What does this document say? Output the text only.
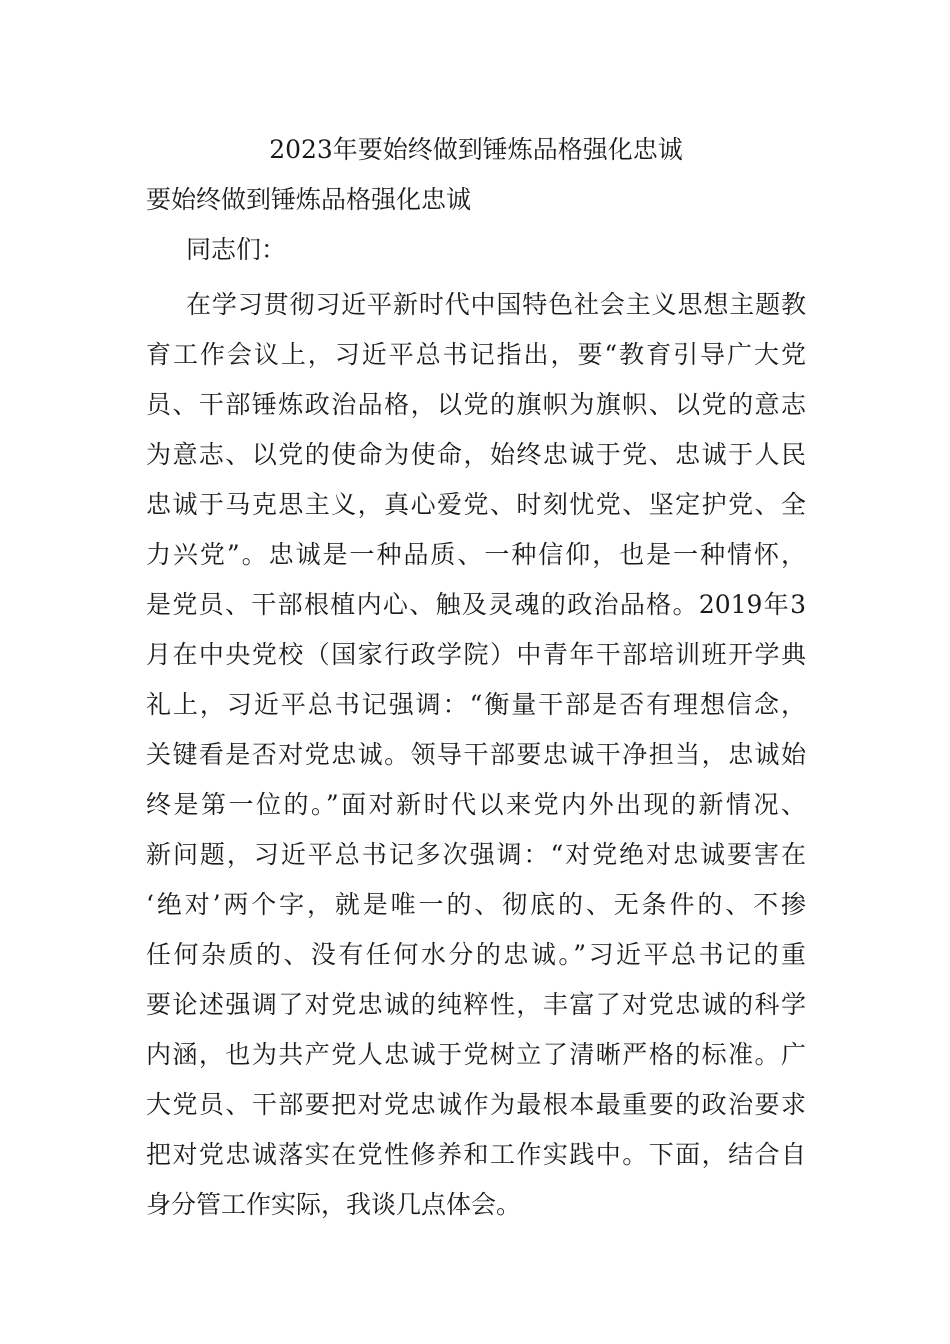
2023年要始终做到锤炼品格强化忠诚
要始终做到锤炼品格强化忠诚
同志们：
在学习贯彻习近平新时代中国特色社会主义思想主题教
育工作会议上，习近平总书记指出，要“教育引导广大党
员、干部锤炼政治品格，以党的旗帜为旗帜、以党的意志
为意志、以党的使命为使命，始终忠诚于党、忠诚于人民
忠诚于马克思主义，真心爱党、时刻忧党、坚定护党、全
力兴党”。忠诚是一种品质、一种信仰，也是一种情怀，
是党员、干部根植内心、触及灵魂的政治品格。2019年3
月在中央党校（国家行政学院）中青年干部培训班开学典
礼上，习近平总书记强调：“衡量干部是否有理想信念，
关键看是否对党忠诚。领导干部要忠诚干净担当，忠诚始
终是第一位的。”面对新时代以来党内外出现的新情况、
新问题，习近平总书记多次强调：“对党绝对忠诚要害在
‘绝对’两个字，就是唯一的、彻底的、无条件的、不掺
任何杂质的、没有任何水分的忠诚。”习近平总书记的重
要论述强调了对党忠诚的纯粹性，丰富了对党忠诚的科学
内涵，也为共产党人忠诚于党树立了清晰严格的标准。广
大党员、干部要把对党忠诚作为最根本最重要的政治要求
把对党忠诚落实在党性修养和工作实践中。下面，结合自
身分管工作实际，我谈几点体会。
